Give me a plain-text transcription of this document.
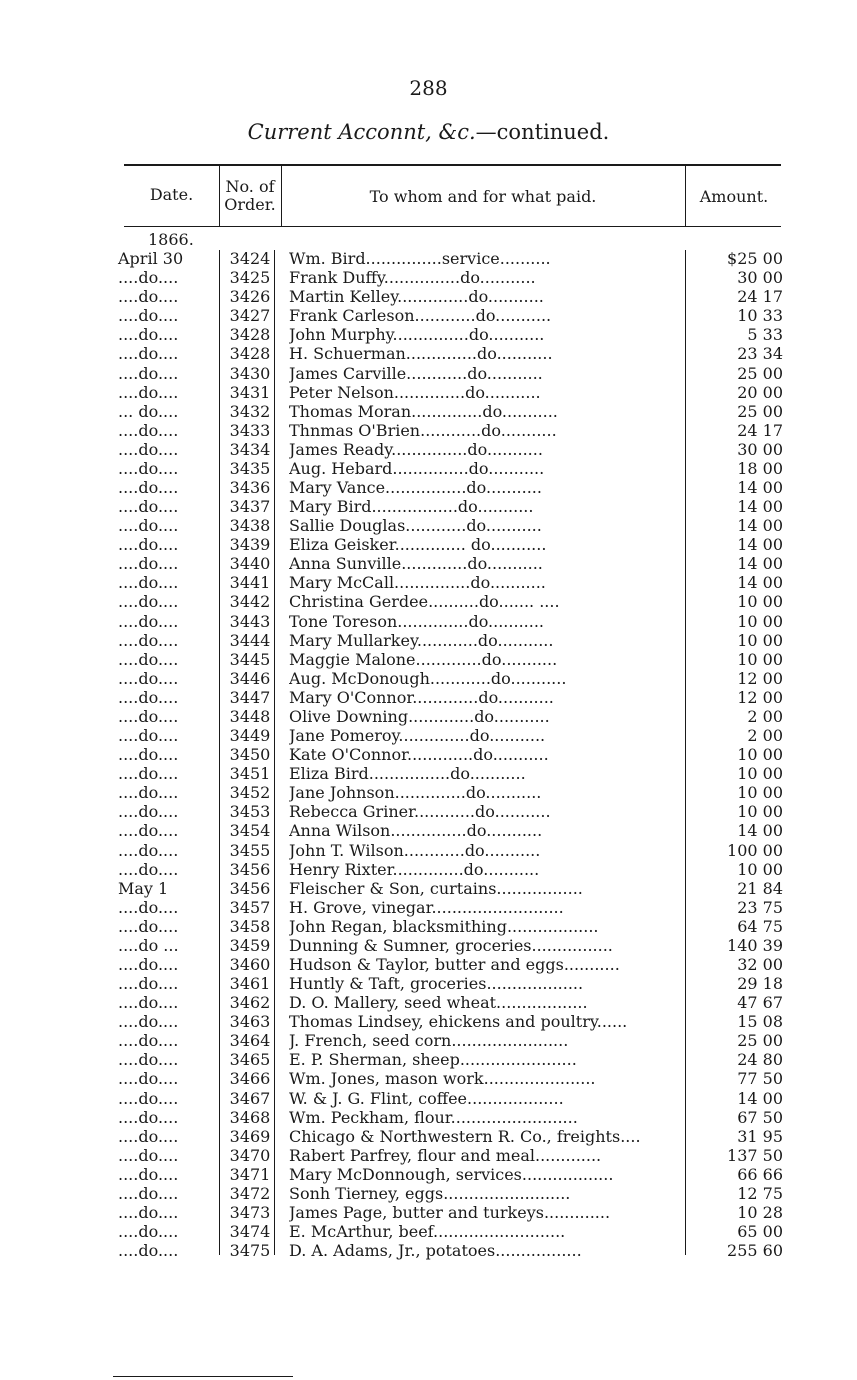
288
Current Acconnt, &c.—continued.
Date.	No. of Order.	To whom and for what paid.	Amount.
1866.
April 30	3424	Wm. Bird...............service..........	$25 00
....do....	3425	Frank Duffy...............do...........	30 00
....do....	3426	Martin Kelley..............do...........	24 17
....do....	3427	Frank Carleson............do...........	10 33
....do....	3428	John Murphy...............do...........	5 33
....do....	3428	H. Schuerman..............do...........	23 34
....do....	3430	James Carville............do...........	25 00
....do....	3431	Peter Nelson..............do...........	20 00
... do....	3432	Thomas Moran..............do...........	25 00
....do....	3433	Thnmas O'Brien............do...........	24 17
....do....	3434	James Ready...............do...........	30 00
....do....	3435	Aug. Hebard...............do...........	18 00
....do....	3436	Mary Vance................do...........	14 00
....do....	3437	Mary Bird.................do...........	14 00
....do....	3438	Sallie Douglas............do...........	14 00
....do....	3439	Eliza Geisker.............. do...........	14 00
....do....	3440	Anna Sunville.............do...........	14 00
....do....	3441	Mary McCall...............do...........	14 00
....do....	3442	Christina Gerdee..........do....... ....	10 00
....do....	3443	Tone Toreson..............do...........	10 00
....do....	3444	Mary Mullarkey............do...........	10 00
....do....	3445	Maggie Malone.............do...........	10 00
....do....	3446	Aug. McDonough............do...........	12 00
....do....	3447	Mary O'Connor.............do...........	12 00
....do....	3448	Olive Downing.............do...........	2 00
....do....	3449	Jane Pomeroy..............do...........	2 00
....do....	3450	Kate O'Connor.............do...........	10 00
....do....	3451	Eliza Bird................do...........	10 00
....do....	3452	Jane Johnson..............do...........	10 00
....do....	3453	Rebecca Griner............do...........	10 00
....do....	3454	Anna Wilson...............do...........	14 00
....do....	3455	John T. Wilson............do...........	100 00
....do....	3456	Henry Rixter..............do...........	10 00
May 1	3456	Fleischer & Son, curtains.................	21 84
....do....	3457	H. Grove, vinegar..........................	23 75
....do....	3458	John Regan, blacksmithing..................	64 75
....do ...	3459	Dunning & Sumner, groceries................	140 39
....do....	3460	Hudson & Taylor, butter and eggs...........	32 00
....do....	3461	Huntly & Taft, groceries...................	29 18
....do....	3462	D. O. Mallery, seed wheat..................	47 67
....do....	3463	Thomas Lindsey, ehickens and poultry......	15 08
....do....	3464	J. French, seed corn.......................	25 00
....do....	3465	E. P. Sherman, sheep.......................	24 80
....do....	3466	Wm. Jones, mason work......................	77 50
....do....	3467	W. & J. G. Flint, coffee...................	14 00
....do....	3468	Wm. Peckham, flour.........................	67 50
....do....	3469	Chicago & Northwestern R. Co., freights....	31 95
....do....	3470	Rabert Parfrey, flour and meal.............	137 50
....do....	3471	Mary McDonnough, services..................	66 66
....do....	3472	Sonh Tierney, eggs.........................	12 75
....do....	3473	James Page, butter and turkeys.............	10 28
....do....	3474	E. McArthur, beef..........................	65 00
....do....	3475	D. A. Adams, Jr., potatoes.................	255 60
